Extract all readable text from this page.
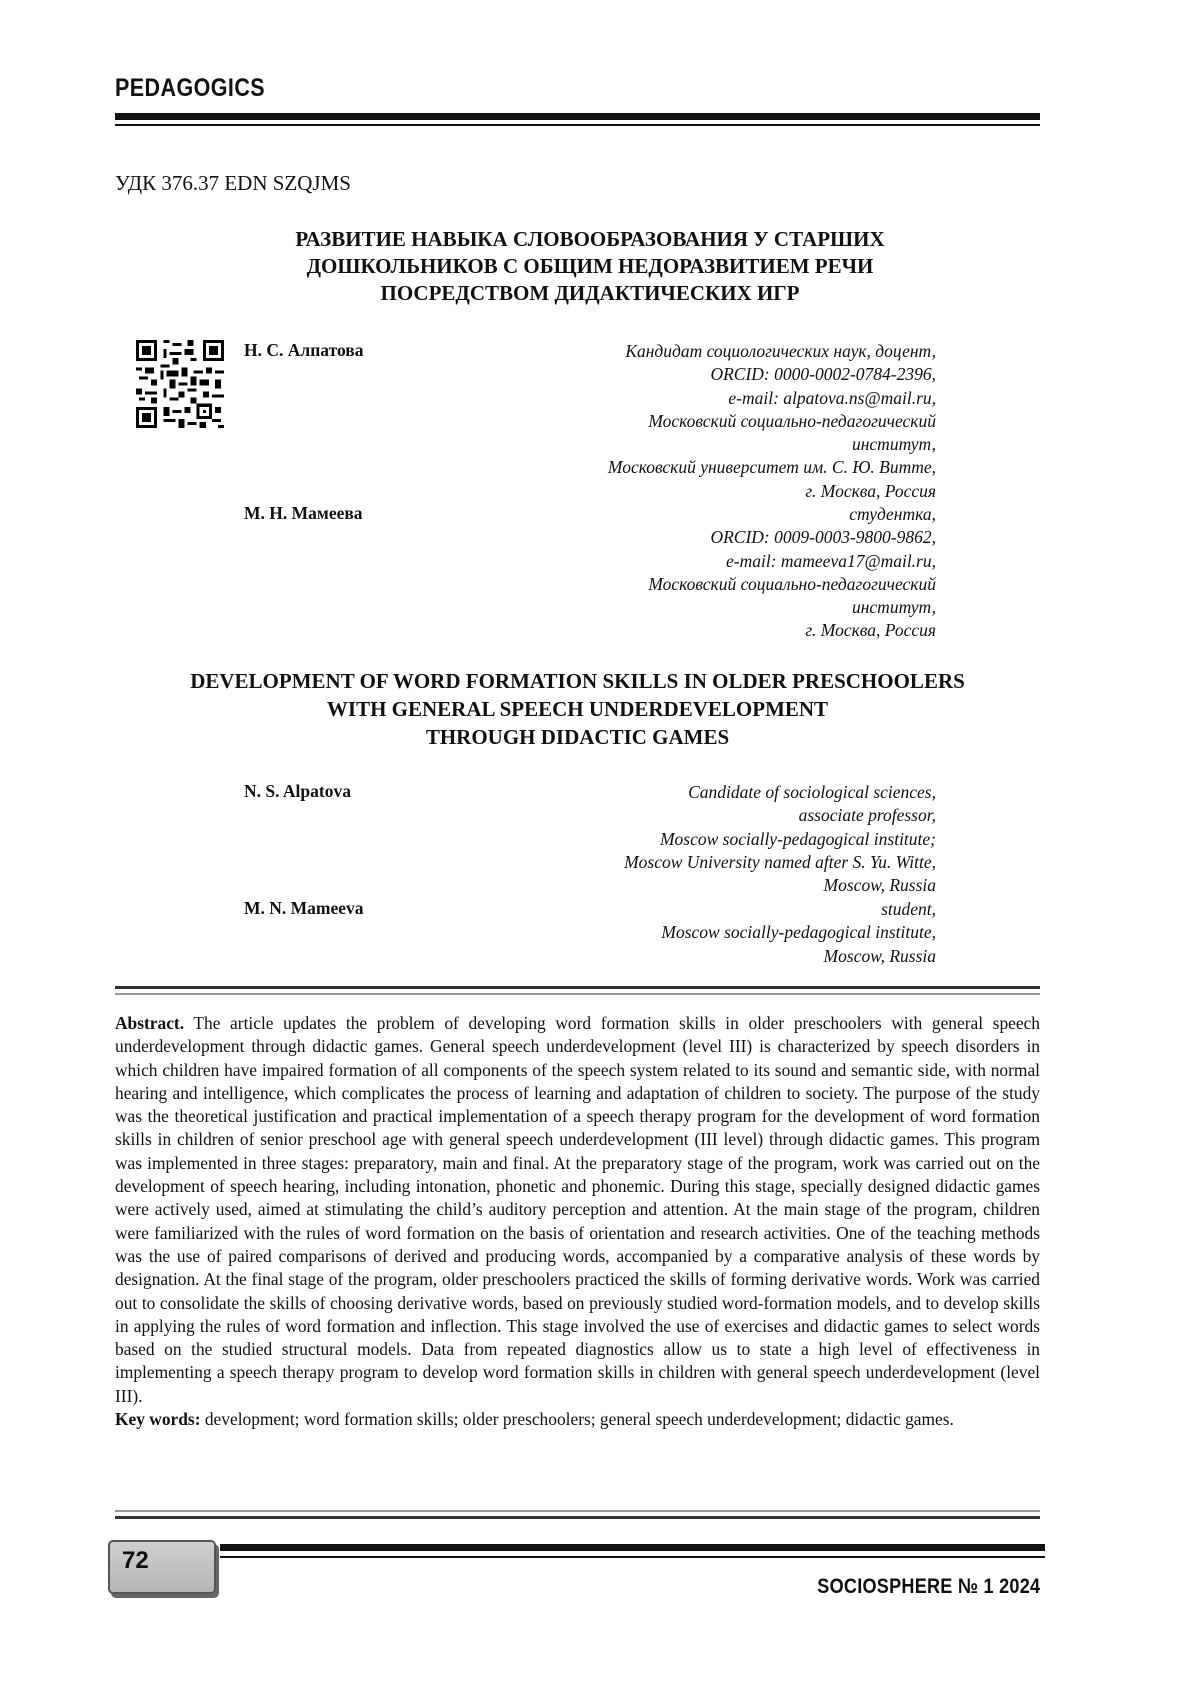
PEDAGOGICS
УДК 376.37 EDN SZQJMS
РАЗВИТИЕ НАВЫКА СЛОВООБРАЗОВАНИЯ У СТАРШИХ
ДОШКОЛЬНИКОВ С ОБЩИМ НЕДОРАЗВИТИЕМ РЕЧИ
ПОСРЕДСТВОМ ДИДАКТИЧЕСКИХ ИГР
Н. С. Алпатова	Кандидат социологических наук, доцент,
ORCID: 0000-0002-0784-2396,
e-mail: alpatova.ns@mail.ru,
Московский социально-педагогический
институт,
Московский университет им. С. Ю. Витте,
г. Москва, Россия
М. Н. Мамеева	студентка,
ORCID: 0009-0003-9800-9862,
e-mail: mameeva17@mail.ru,
Московский социально-педагогический
институт,
г. Москва, Россия
DEVELOPMENT OF WORD FORMATION SKILLS IN OLDER PRESCHOOLERS
WITH GENERAL SPEECH UNDERDEVELOPMENT
THROUGH DIDACTIC GAMES
N. S. Alpatova	Candidate of sociological sciences,
associate professor,
Moscow socially-pedagogical institute;
Moscow University named after S. Yu. Witte,
Moscow, Russia
M. N. Mameeva	student,
Moscow socially-pedagogical institute,
Moscow, Russia
Abstract. The article updates the problem of developing word formation skills in older preschoolers with general speech underdevelopment through didactic games. General speech underdevelopment (level III) is characterized by speech disorders in which children have impaired formation of all components of the speech system related to its sound and semantic side, with normal hearing and intelligence, which complicates the process of learning and adaptation of children to society. The purpose of the study was the theoretical justification and practical implementation of a speech therapy program for the development of word formation skills in children of senior preschool age with general speech underdevelopment (III level) through didactic games. This program was implemented in three stages: preparatory, main and final. At the preparatory stage of the program, work was carried out on the development of speech hearing, including intonation, phonetic and phonemic. During this stage, specially designed didactic games were actively used, aimed at stimulating the child’s auditory perception and attention. At the main stage of the program, children were familiarized with the rules of word formation on the basis of orientation and research activities. One of the teaching methods was the use of paired comparisons of derived and producing words, accompanied by a comparative analysis of these words by designation. At the final stage of the program, older preschoolers practiced the skills of forming derivative words. Work was carried out to consolidate the skills of choosing derivative words, based on previously studied word-formation models, and to develop skills in applying the rules of word formation and inflection. This stage involved the use of exercises and didactic games to select words based on the studied structural models. Data from repeated diagnostics allow us to state a high level of effectiveness in implementing a speech therapy program to develop word formation skills in children with general speech underdevelopment (level III).
Key words: development; word formation skills; older preschoolers; general speech underdevelopment; didactic games.
72
SOCIOSPHERE № 1 2024
